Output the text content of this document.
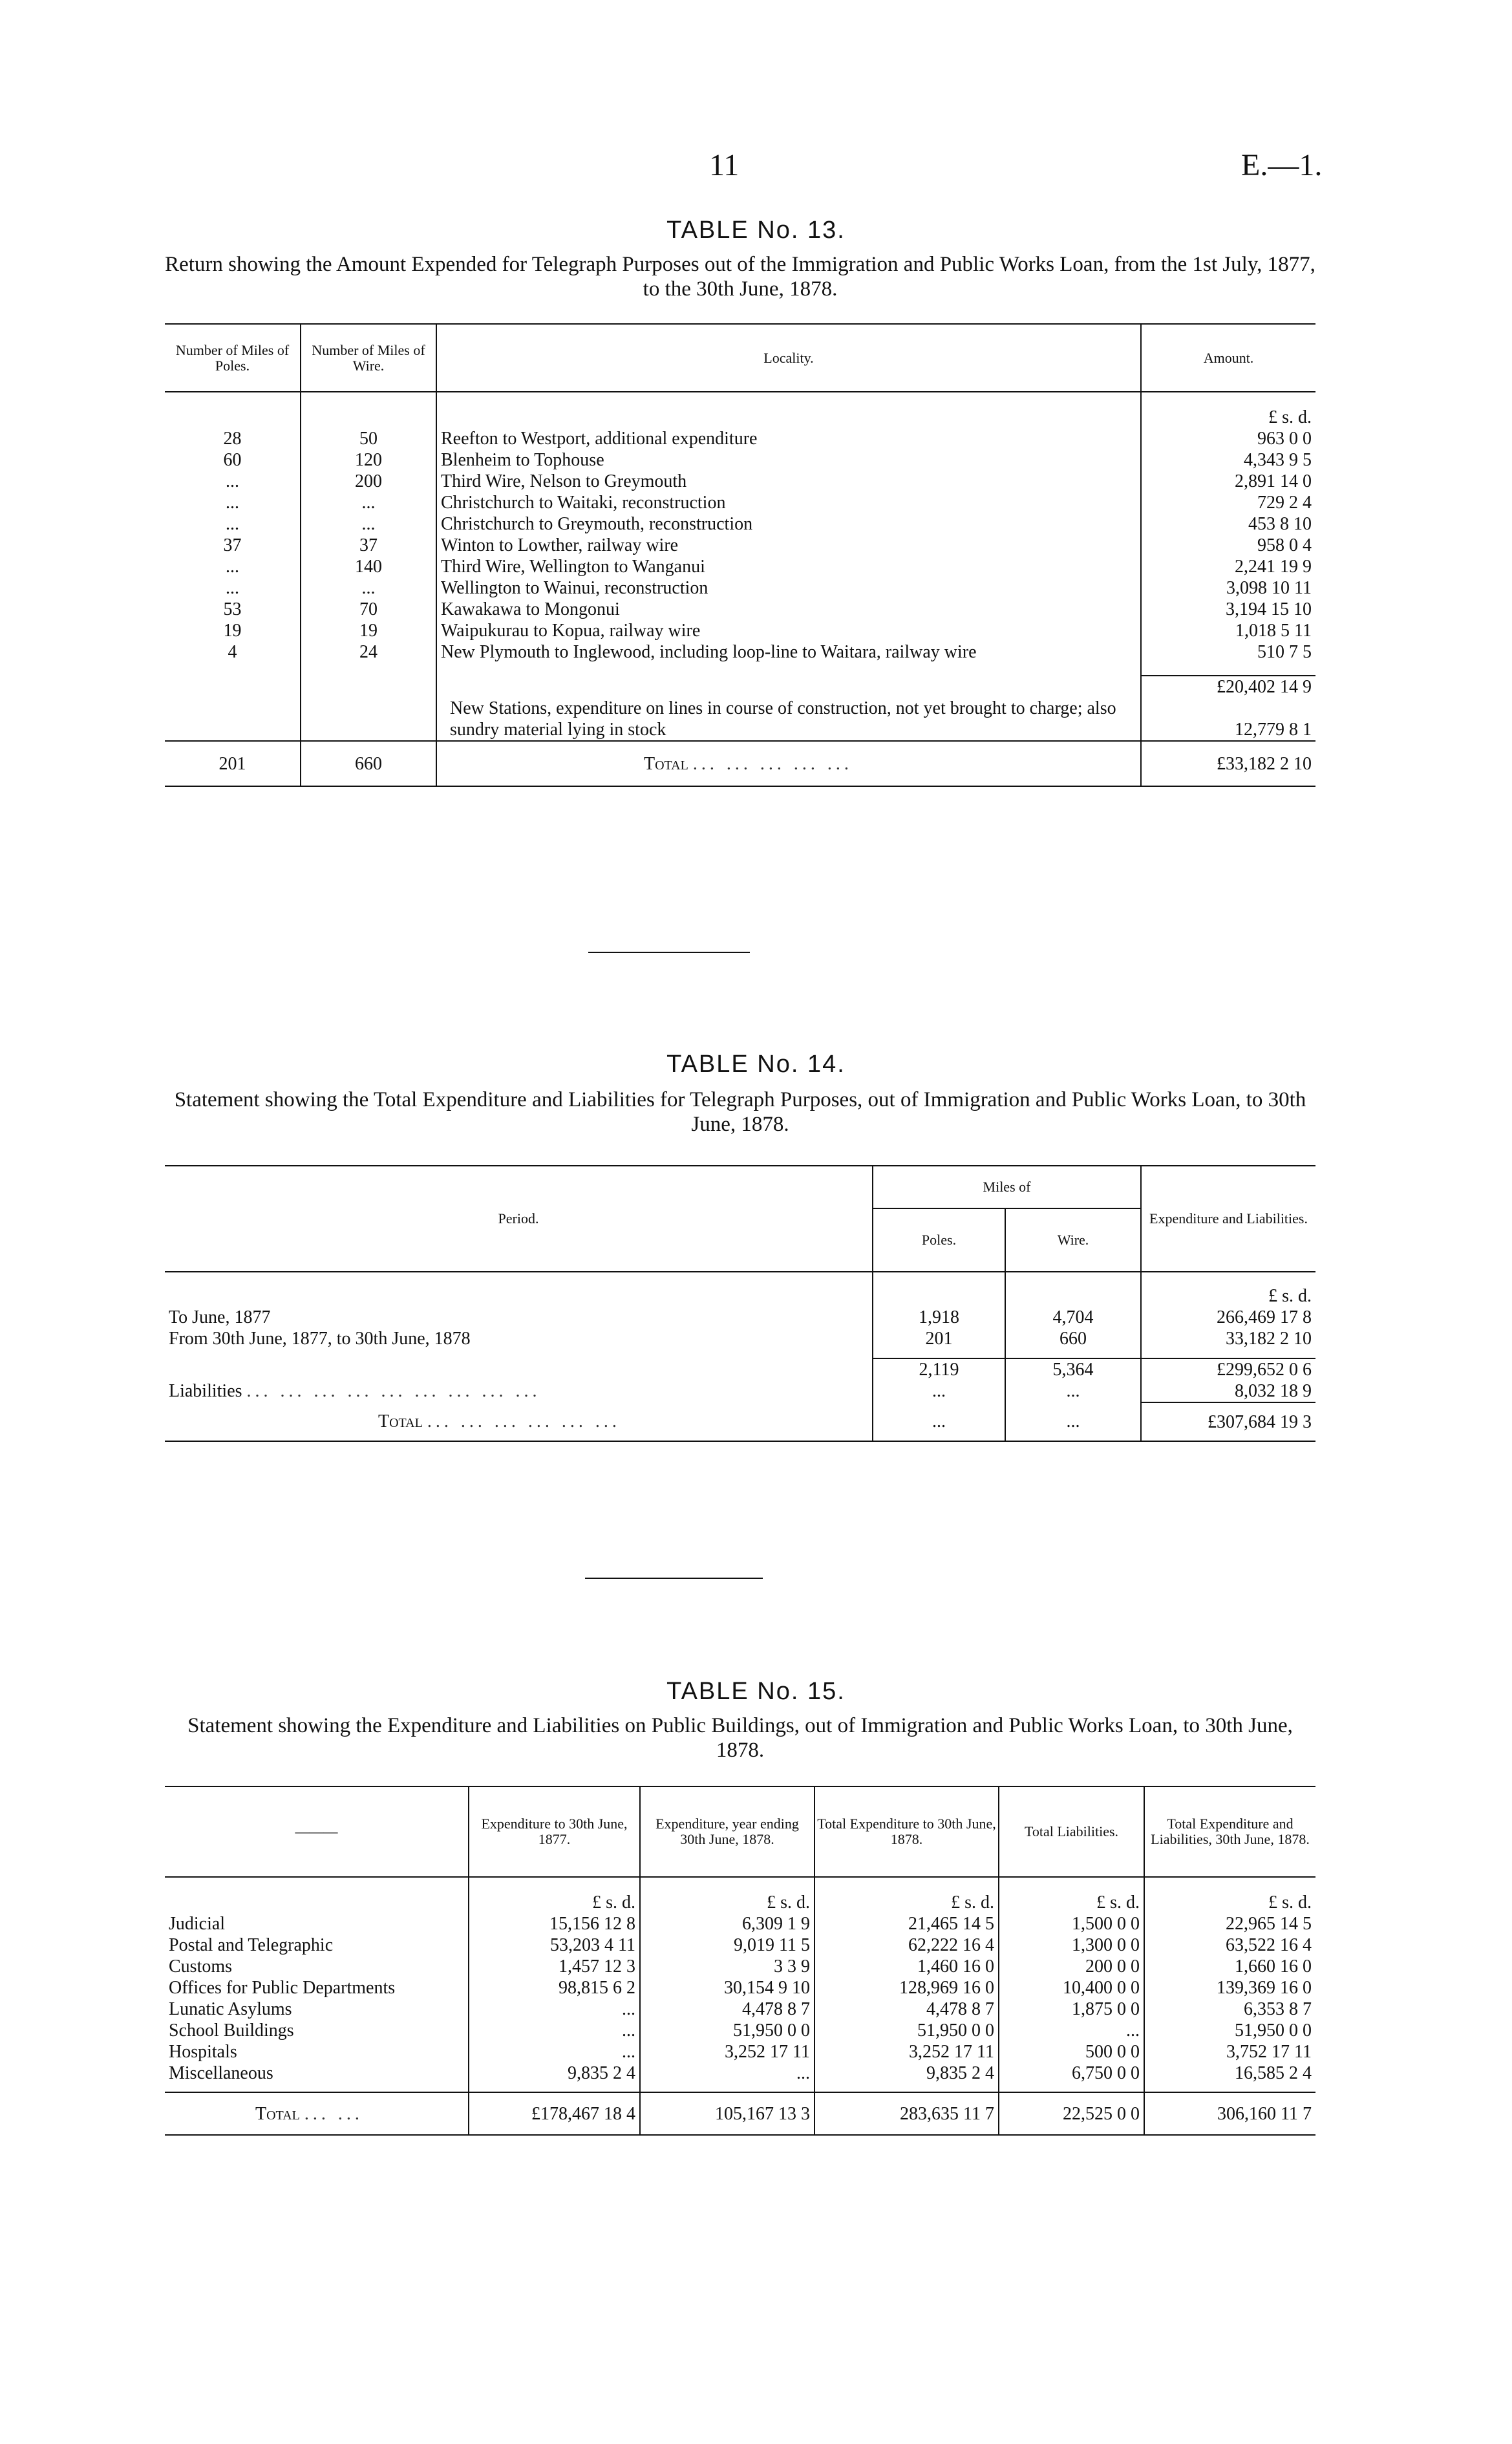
11	E.—1.
TABLE No. 13.
Return showing the Amount Expended for Telegraph Purposes out of the Immigration and Public Works Loan, from the 1st July, 1877, to the 30th June, 1878.
Number of Miles of Poles.	Number of Miles of Wire.	Locality.	Amount.

			£ s. d.
28	50	Reefton to Westport, additional expenditure	963 0 0
60	120	Blenheim to Tophouse	4,343 9 5
...	200	Third Wire, Nelson to Greymouth	2,891 14 0
...	...	Christchurch to Waitaki, reconstruction	729 2 4
...	...	Christchurch to Greymouth, reconstruction	453 8 10
37	37	Winton to Lowther, railway wire	958 0 4
...	140	Third Wire, Wellington to Wanganui	2,241 19 9
...	...	Wellington to Wainui, reconstruction	3,098 10 11
53	70	Kawakawa to Mongonui	3,194 15 10
19	19	Waipukurau to Kopua, railway wire	1,018 5 11
4	24	New Plymouth to Inglewood, including loop-line to Waitara, railway wire	510 7 5

			£20,402 14 9
		New Stations, expenditure on lines in course of construction, not yet brought to charge; also sundry material lying in stock	12,779 8 1
201	660	Total ... ... ... ... ...	£33,182 2 10
TABLE No. 14.
Statement showing the Total Expenditure and Liabilities for Telegraph Purposes, out of Immigration and Public Works Loan, to 30th June, 1878.
Period.	Miles of		Expenditure and Liabilities.
	Poles.	Wire.	

			£ s. d.
To June, 1877	1,918	4,704	266,469 17 8
From 30th June, 1877, to 30th June, 1878	201	660	33,182 2 10

	2,119	5,364	£299,652 0 6
Liabilities ... ... ... ... ... ... ... ... ...	...	...	8,032 18 9
Total ... ... ... ... ... ...	...	...	£307,684 19 3
TABLE No. 15.
Statement showing the Expenditure and Liabilities on Public Buildings, out of Immigration and Public Works Loan, to 30th June, 1878.
———	Expenditure to 30th June, 1877.	Expenditure, year ending 30th June, 1878.	Total Expenditure to 30th June, 1878.	Total Liabilities.	Total Expenditure and Liabilities, 30th June, 1878.

	£ s. d.	£ s. d.	£ s. d.	£ s. d.	£ s. d.
Judicial	15,156 12 8	6,309 1 9	21,465 14 5	1,500 0 0	22,965 14 5
Postal and Telegraphic	53,203 4 11	9,019 11 5	62,222 16 4	1,300 0 0	63,522 16 4
Customs	1,457 12 3	3 3 9	1,460 16 0	200 0 0	1,660 16 0
Offices for Public Departments	98,815 6 2	30,154 9 10	128,969 16 0	10,400 0 0	139,369 16 0
Lunatic Asylums	...	4,478 8 7	4,478 8 7	1,875 0 0	6,353 8 7
School Buildings	...	51,950 0 0	51,950 0 0	...	51,950 0 0
Hospitals	...	3,252 17 11	3,252 17 11	500 0 0	3,752 17 11
Miscellaneous	9,835 2 4	...	9,835 2 4	6,750 0 0	16,585 2 4

Total ... ...	£178,467 18 4	105,167 13 3	283,635 11 7	22,525 0 0	306,160 11 7
